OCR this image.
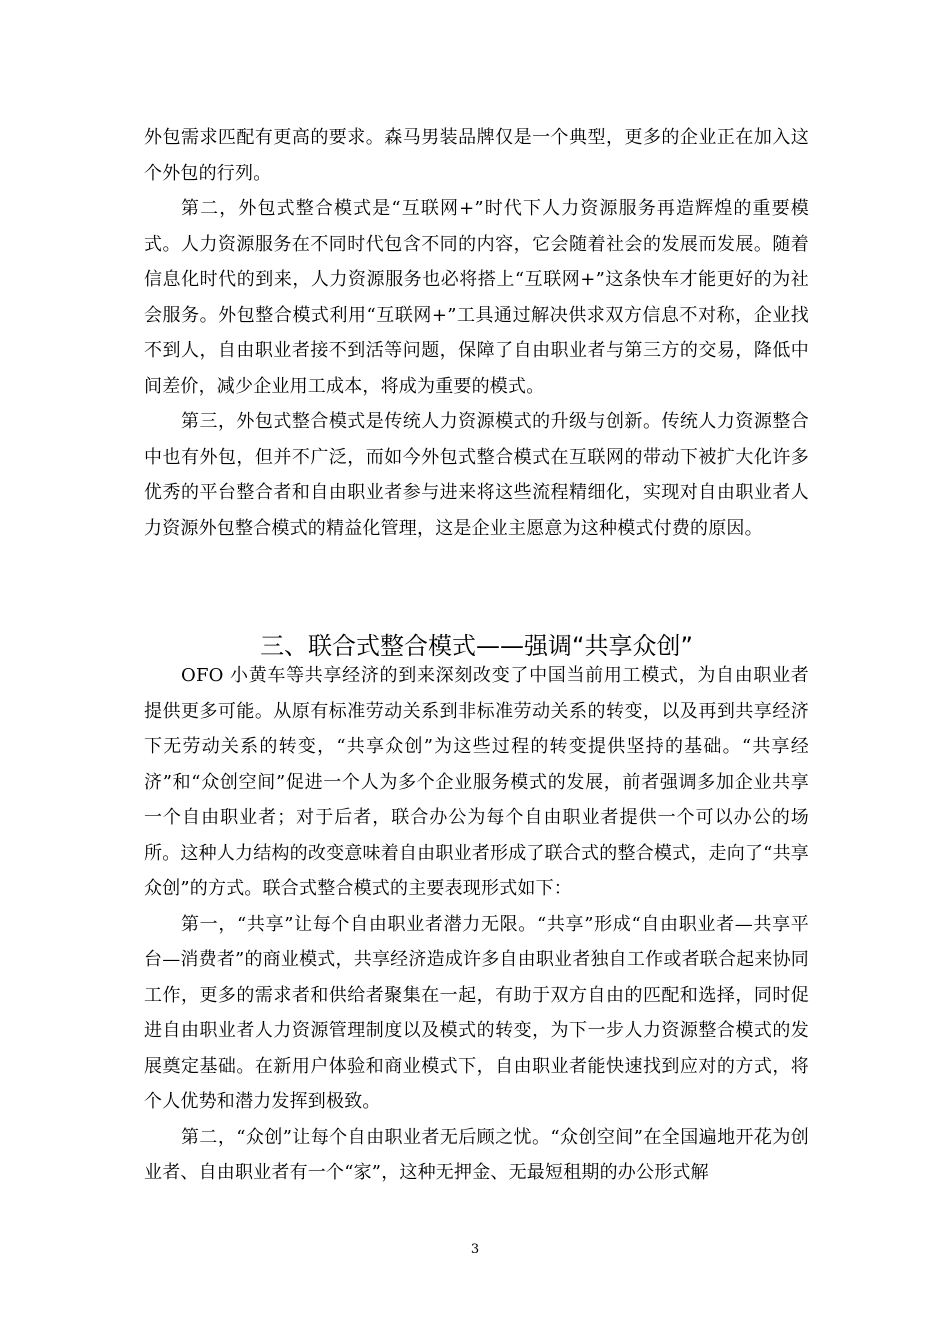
外包需求匹配有更高的要求。森马男装品牌仅是一个典型，更多的企业正在加入这个外包的行列。

第二，外包式整合模式是“互联网+”时代下人力资源服务再造辉煌的重要模式。人力资源服务在不同时代包含不同的内容，它会随着社会的发展而发展。随着信息化时代的到来，人力资源服务也必将搭上“互联网+”这条快车才能更好的为社会服务。外包整合模式利用“互联网+”工具通过解决供求双方信息不对称，企业找不到人，自由职业者接不到活等问题，保障了自由职业者与第三方的交易，降低中间差价，减少企业用工成本，将成为重要的模式。

第三，外包式整合模式是传统人力资源模式的升级与创新。传统人力资源整合中也有外包，但并不广泛，而如今外包式整合模式在互联网的带动下被扩大化许多优秀的平台整合者和自由职业者参与进来将这些流程精细化，实现对自由职业者人力资源外包整合模式的精益化管理，这是企业主愿意为这种模式付费的原因。

三、联合式整合模式——强调“共享众创”

OFO 小黄车等共享经济的到来深刻改变了中国当前用工模式，为自由职业者提供更多可能。从原有标准劳动关系到非标准劳动关系的转变，以及再到共享经济下无劳动关系的转变，“共享众创”为这些过程的转变提供坚持的基础。“共享经济”和“众创空间”促进一个人为多个企业服务模式的发展，前者强调多加企业共享一个自由职业者；对于后者，联合办公为每个自由职业者提供一个可以办公的场所。这种人力结构的改变意味着自由职业者形成了联合式的整合模式，走向了“共享众创”的方式。联合式整合模式的主要表现形式如下：

第一，“共享”让每个自由职业者潜力无限。“共享”形成“自由职业者—共享平台—消费者”的商业模式，共享经济造成许多自由职业者独自工作或者联合起来协同工作，更多的需求者和供给者聚集在一起，有助于双方自由的匹配和选择，同时促进自由职业者人力资源管理制度以及模式的转变，为下一步人力资源整合模式的发展奠定基础。在新用户体验和商业模式下，自由职业者能快速找到应对的方式，将个人优势和潜力发挥到极致。

第二，“众创”让每个自由职业者无后顾之忧。“众创空间”在全国遍地开花为创业者、自由职业者有一个“家”，这种无押金、无最短租期的办公形式解

3
